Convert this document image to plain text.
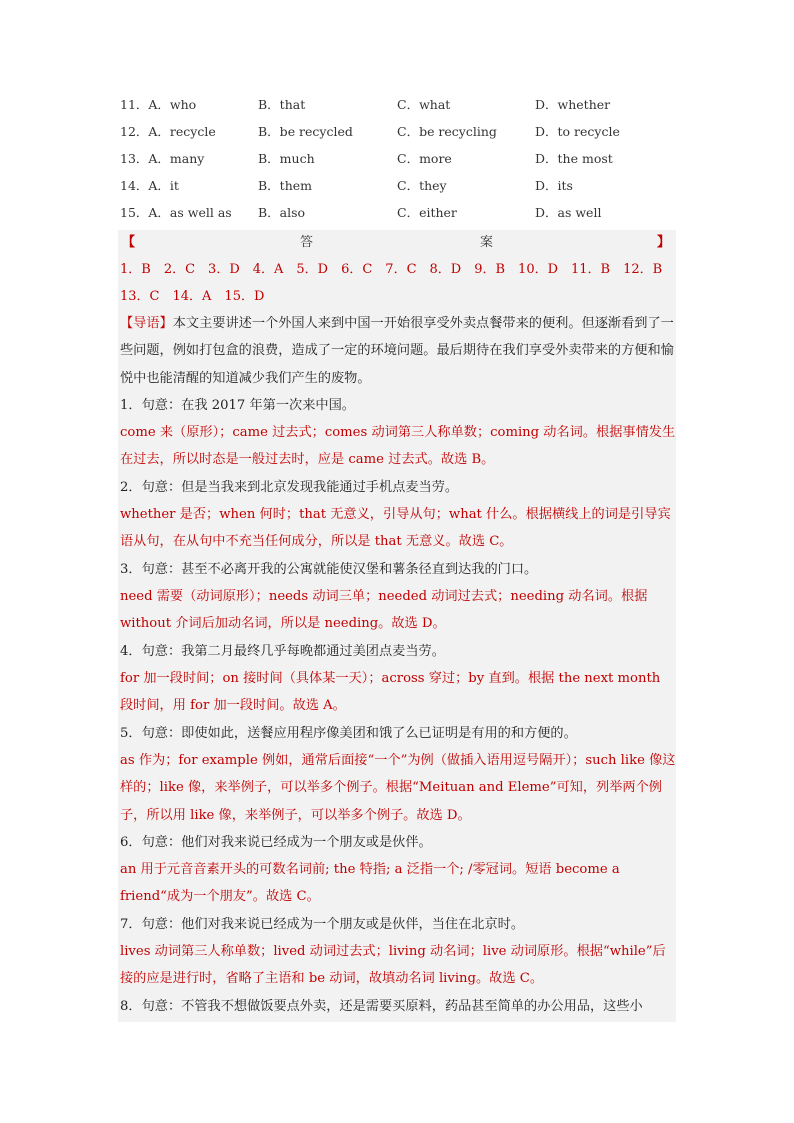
11．A．who	B．that	C．what	D．whether
12．A．recycle	B．be recycled	C．be recycling	D．to recycle
13．A．many	B．much	C．more	D．the most
14．A．it	B．them	C．they	D．its
15．A．as well as B．also	C．either	D．as well
【	答	案	】
1．B　2．C　3．D　4．A　5．D　6．C　7．C　8．D　9．B　10．D　11．B　12．B
13．C　14．A　15．D

【导语】本文主要讲述一个外国人来到中国一开始很享受外卖点餐带来的便利。但逐渐看到了一些问题，例如打包盒的浪费，造成了一定的环境问题。最后期待在我们享受外卖带来的方便和愉悦中也能清醒的知道减少我们产生的废物。

1．句意：在我 2017 年第一次来中国。

come 来（原形）；came 过去式；comes 动词第三人称单数；coming 动名词。根据事情发生在过去，所以时态是一般过去时，应是 came 过去式。故选 B。

2．句意：但是当我来到北京发现我能通过手机点麦当劳。

whether 是否；when 何时；that 无意义，引导从句；what 什么。根据横线上的词是引导宾语从句，在从句中不充当任何成分，所以是 that 无意义。故选 C。

3．句意：甚至不必离开我的公寓就能使汉堡和薯条径直到达我的门口。

need 需要（动词原形）；needs 动词三单；needed 动词过去式；needing 动名词。根据 without 介词后加动名词，所以是 needing。故选 D。

4．句意：我第二月最终几乎每晚都通过美团点麦当劳。

for 加一段时间；on 接时间（具体某一天）；across 穿过；by 直到。根据 the next month 段时间，用 for 加一段时间。故选 A。

5．句意：即使如此，送餐应用程序像美团和饿了么已证明是有用的和方便的。

as 作为；for example 例如，通常后面接“一个”为例（做插入语用逗号隔开）；such like 像这样的；like 像，来举例子，可以举多个例子。根据“Meituan and Eleme”可知，列举两个例子，所以用 like 像，来举例子，可以举多个例子。故选 D。

6．句意：他们对我来说已经成为一个朋友或是伙伴。

an 用于元音音素开头的可数名词前; the 特指; a 泛指一个; /零冠词。短语 become a friend“成为一个朋友”。故选 C。

7．句意：他们对我来说已经成为一个朋友或是伙伴，当住在北京时。

lives 动词第三人称单数；lived 动词过去式；living 动名词；live 动词原形。根据“while”后接的应是进行时，省略了主语和 be 动词，故填动名词 living。故选 C。

8．句意：不管我不想做饭要点外卖，还是需要买原料，药品甚至简单的办公用品，这些小
